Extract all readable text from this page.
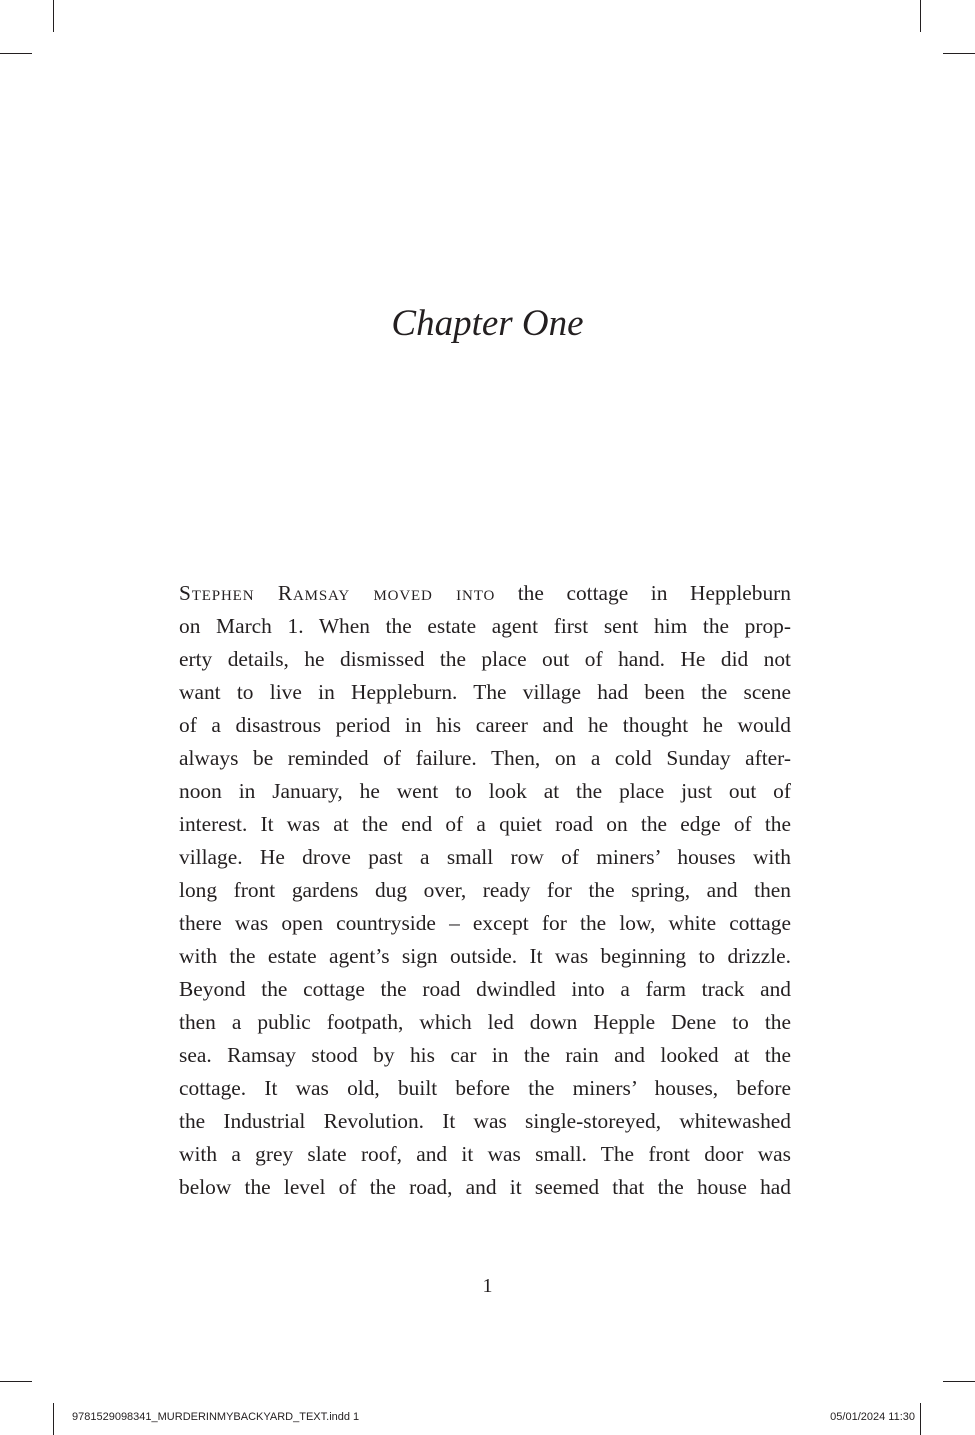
Chapter One
Stephen Ramsay moved into the cottage in Heppleburn
on March 1. When the estate agent first sent him the prop-
erty details, he dismissed the place out of hand. He did not
want to live in Heppleburn. The village had been the scene
of a disastrous period in his career and he thought he would
always be reminded of failure. Then, on a cold Sunday after-
noon in January, he went to look at the place just out of
interest. It was at the end of a quiet road on the edge of the
village. He drove past a small row of miners’ houses with
long front gardens dug over, ready for the spring, and then
there was open countryside – except for the low, white cottage
with the estate agent’s sign outside. It was beginning to drizzle.
Beyond the cottage the road dwindled into a farm track and
then a public footpath, which led down Hepple Dene to the
sea. Ramsay stood by his car in the rain and looked at the
cottage. It was old, built before the miners’ houses, before
the Industrial Revolution. It was single-storeyed, whitewashed
with a grey slate roof, and it was small. The front door was
below the level of the road, and it seemed that the house had
1
9781529098341_MURDERINMYBACKYARD_TEXT.indd 1	05/01/2024 11:30
